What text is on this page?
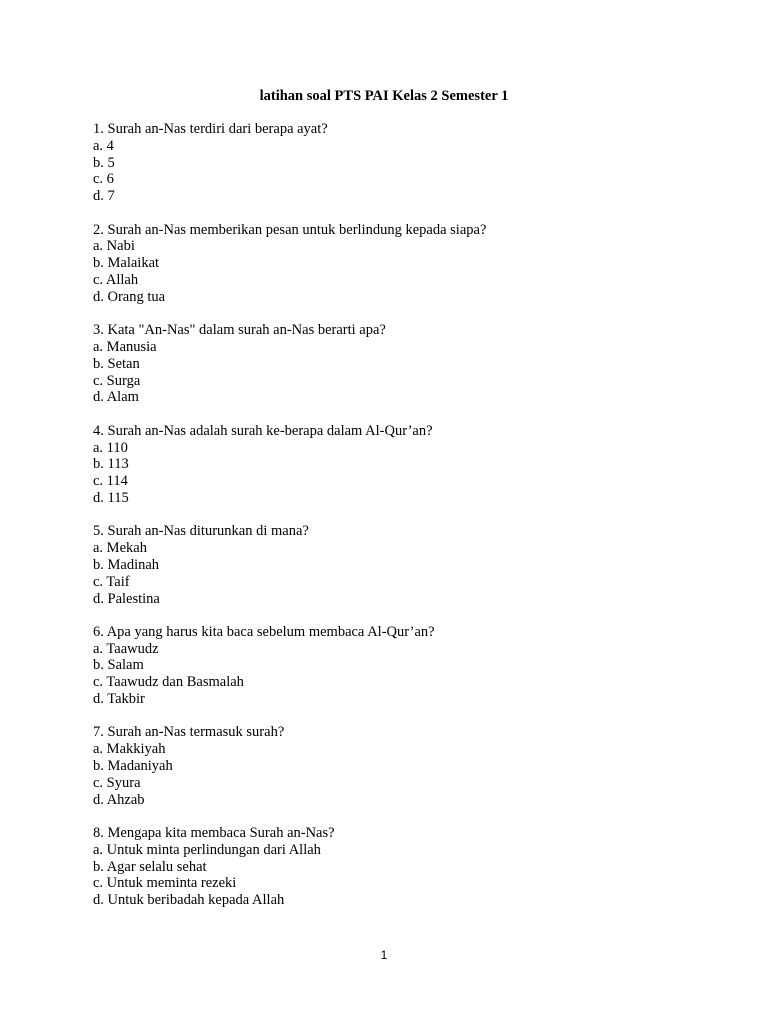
latihan soal PTS PAI Kelas 2 Semester 1
1. Surah an-Nas terdiri dari berapa ayat?
a. 4
b. 5
c. 6
d. 7
2. Surah an-Nas memberikan pesan untuk berlindung kepada siapa?
a. Nabi
b. Malaikat
c. Allah
d. Orang tua
3. Kata "An-Nas" dalam surah an-Nas berarti apa?
a. Manusia
b. Setan
c. Surga
d. Alam
4. Surah an-Nas adalah surah ke-berapa dalam Al-Qur’an?
a. 110
b. 113
c. 114
d. 115
5. Surah an-Nas diturunkan di mana?
a. Mekah
b. Madinah
c. Taif
d. Palestina
6. Apa yang harus kita baca sebelum membaca Al-Qur’an?
a. Taawudz
b. Salam
c. Taawudz dan Basmalah
d. Takbir
7. Surah an-Nas termasuk surah?
a. Makkiyah
b. Madaniyah
c. Syura
d. Ahzab
8. Mengapa kita membaca Surah an-Nas?
a. Untuk minta perlindungan dari Allah
b. Agar selalu sehat
c. Untuk meminta rezeki
d. Untuk beribadah kepada Allah
1
